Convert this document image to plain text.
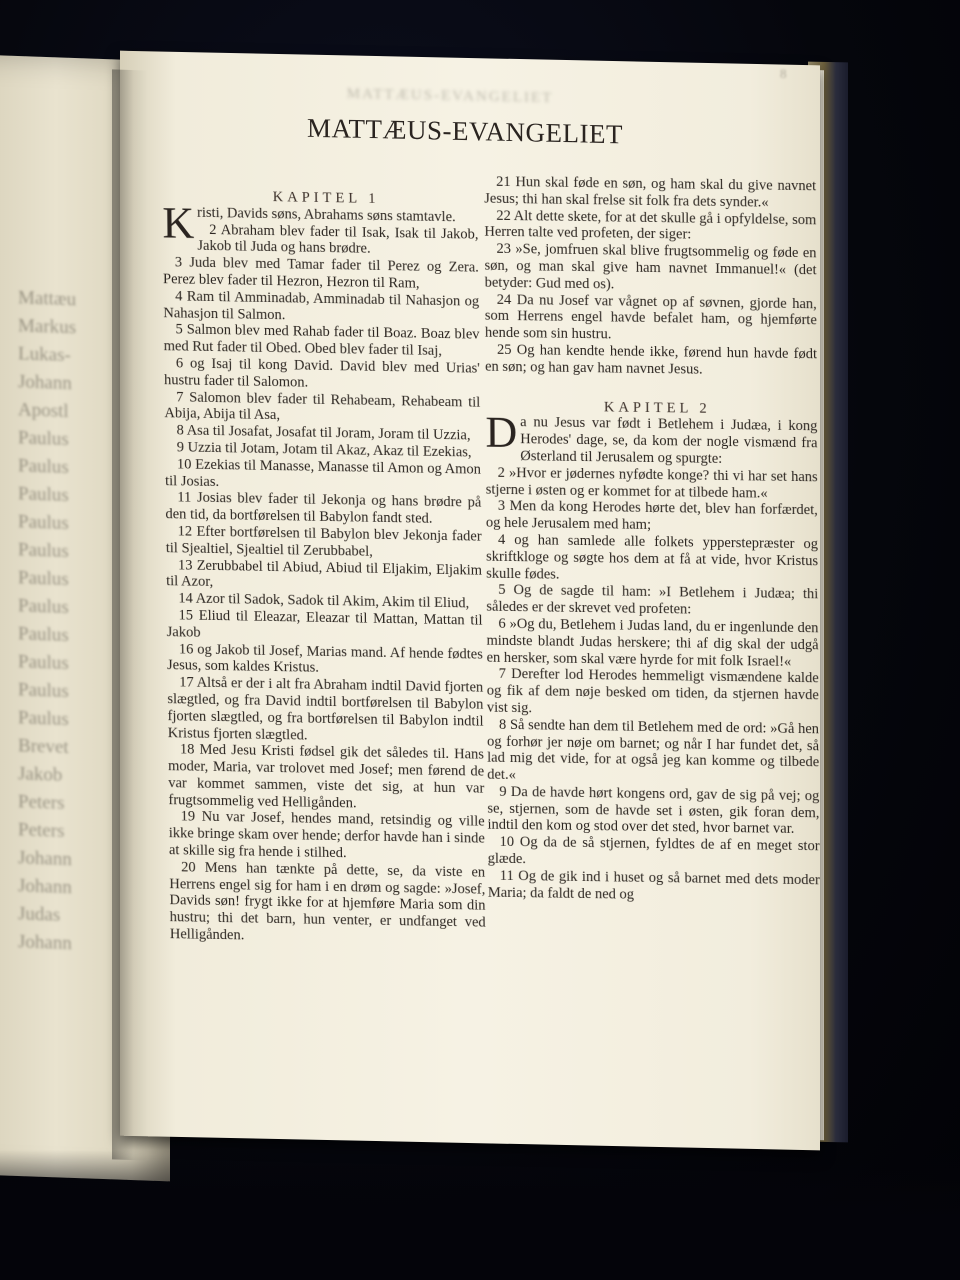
Mattæu
Markus
Lukas-
Johann
Apostl
Paulus
Paulus
Paulus
Paulus
Paulus
Paulus
Paulus
Paulus
Paulus
Paulus
Paulus
Brevet
Jakob
Peters
Peters
Johann
Johann
Judas
Johann

MATTÆUS-EVANGELIET

8

MATTÆUS-EVANGELIET

KAPITEL 1

Kristi, Davids søns, Abrahams søns stamtavle.

2 Abraham blev fader til Isak, Isak til Jakob, Jakob til Juda og hans brødre.

3 Juda blev med Tamar fader til Perez og Zera. Perez blev fader til Hezron, Hezron til Ram,

4 Ram til Amminadab, Amminadab til Nahasjon og Nahasjon til Salmon.

5 Salmon blev med Rahab fader til Boaz. Boaz blev med Rut fader til Obed. Obed blev fader til Isaj,

6 og Isaj til kong David. David blev med Urias' hustru fader til Salomon.

7 Salomon blev fader til Rehabeam, Rehabeam til Abija, Abija til Asa,

8 Asa til Josafat, Josafat til Joram, Joram til Uzzia,

9 Uzzia til Jotam, Jotam til Akaz, Akaz til Ezekias,

10 Ezekias til Manasse, Manasse til Amon og Amon til Josias.

11 Josias blev fader til Jekonja og hans brødre på den tid, da bortførelsen til Babylon fandt sted.

12 Efter bortførelsen til Babylon blev Jekonja fader til Sjealtiel, Sjealtiel til Zerubbabel,

13 Zerubbabel til Abiud, Abiud til Eljakim, Eljakim til Azor,

14 Azor til Sadok, Sadok til Akim, Akim til Eliud,

15 Eliud til Eleazar, Eleazar til Mattan, Mattan til Jakob

16 og Jakob til Josef, Marias mand. Af hende fødtes Jesus, som kaldes Kristus.

17 Altså er der i alt fra Abraham indtil David fjorten slægtled, og fra David indtil bortførelsen til Babylon fjorten slægtled, og fra bortførelsen til Babylon indtil Kristus fjorten slægtled.

18 Med Jesu Kristi fødsel gik det således til. Hans moder, Maria, var trolovet med Josef; men førend de var kommet sammen, viste det sig, at hun var frugtsommelig ved Helligånden.

19 Nu var Josef, hendes mand, retsindig og ville ikke bringe skam over hende; derfor havde han i sinde at skille sig fra hende i stilhed.

20 Mens han tænkte på dette, se, da viste en Herrens engel sig for ham i en drøm og sagde: »Josef, Davids søn! frygt ikke for at hjemføre Maria som din hustru; thi det barn, hun venter, er undfanget ved Helligånden.

21 Hun skal føde en søn, og ham skal du give navnet Jesus; thi han skal frelse sit folk fra dets synder.«

22 Alt dette skete, for at det skulle gå i opfyldelse, som Herren talte ved profeten, der siger:

23 »Se, jomfruen skal blive frugtsommelig og føde en søn, og man skal give ham navnet Immanuel!« (det betyder: Gud med os).

24 Da nu Josef var vågnet op af søvnen, gjorde han, som Herrens engel havde befalet ham, og hjemførte hende som sin hustru.

25 Og han kendte hende ikke, førend hun havde født en søn; og han gav ham navnet Jesus.

KAPITEL 2

Da nu Jesus var født i Betlehem i Judæa, i kong Herodes' dage, se, da kom der nogle vismænd fra Østerland til Jerusalem og spurgte:

2 »Hvor er jødernes nyfødte konge? thi vi har set hans stjerne i østen og er kommet for at tilbede ham.«

3 Men da kong Herodes hørte det, blev han forfærdet, og hele Jerusalem med ham;

4 og han samlede alle folkets ypperstepræster og skriftkloge og søgte hos dem at få at vide, hvor Kristus skulle fødes.

5 Og de sagde til ham: »I Betlehem i Judæa; thi således er der skrevet ved profeten:

6 »Og du, Betlehem i Judas land, du er ingenlunde den mindste blandt Judas herskere; thi af dig skal der udgå en hersker, som skal være hyrde for mit folk Israel!«

7 Derefter lod Herodes hemmeligt vismændene kalde og fik af dem nøje besked om tiden, da stjernen havde vist sig.

8 Så sendte han dem til Betlehem med de ord: »Gå hen og forhør jer nøje om barnet; og når I har fundet det, så lad mig det vide, for at også jeg kan komme og tilbede det.«

9 Da de havde hørt kongens ord, gav de sig på vej; og se, stjernen, som de havde set i østen, gik foran dem, indtil den kom og stod over det sted, hvor barnet var.

10 Og da de så stjernen, fyldtes de af en meget stor glæde.

11 Og de gik ind i huset og så barnet med dets moder Maria; da faldt de ned og
